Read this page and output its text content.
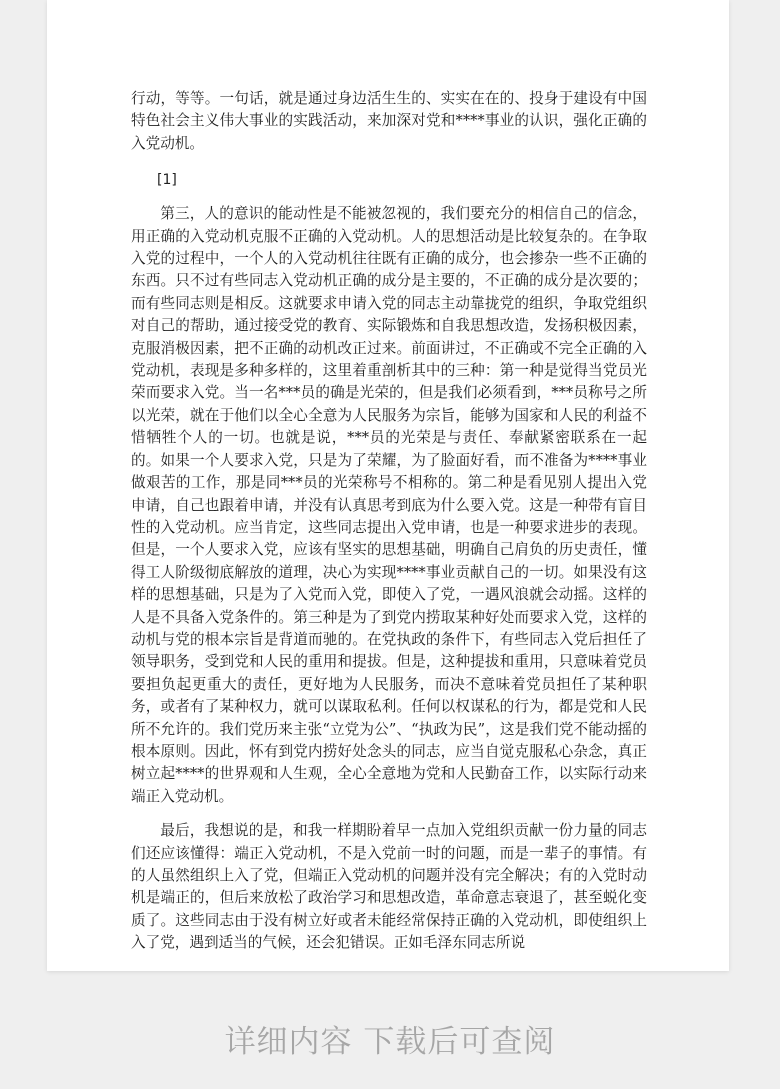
行动，等等。一句话，就是通过身边活生生的、实实在在的、投身于建设有中国特色社会主义伟大事业的实践活动，来加深对党和****事业的认识，强化正确的入党动机。

[1]

第三，人的意识的能动性是不能被忽视的，我们要充分的相信自己的信念，用正确的入党动机克服不正确的入党动机。人的思想活动是比较复杂的。在争取入党的过程中，一个人的入党动机往往既有正确的成分，也会掺杂一些不正确的东西。只不过有些同志入党动机正确的成分是主要的，不正确的成分是次要的；而有些同志则是相反。这就要求申请入党的同志主动靠拢党的组织，争取党组织对自己的帮助，通过接受党的教育、实际锻炼和自我思想改造，发扬积极因素，克服消极因素，把不正确的动机改正过来。前面讲过，不正确或不完全正确的入党动机，表现是多种多样的，这里着重剖析其中的三种：第一种是觉得当党员光荣而要求入党。当一名***员的确是光荣的，但是我们必须看到，***员称号之所以光荣，就在于他们以全心全意为人民服务为宗旨，能够为国家和人民的利益不惜牺牲个人的一切。也就是说，***员的光荣是与责任、奉献紧密联系在一起的。如果一个人要求入党，只是为了荣耀，为了脸面好看，而不准备为****事业做艰苦的工作，那是同***员的光荣称号不相称的。第二种是看见别人提出入党申请，自己也跟着申请，并没有认真思考到底为什么要入党。这是一种带有盲目性的入党动机。应当肯定，这些同志提出入党申请，也是一种要求进步的表现。但是，一个人要求入党，应该有坚实的思想基础，明确自己肩负的历史责任，懂得工人阶级彻底解放的道理，决心为实现****事业贡献自己的一切。如果没有这样的思想基础，只是为了入党而入党，即使入了党，一遇风浪就会动摇。这样的人是不具备入党条件的。第三种是为了到党内捞取某种好处而要求入党，这样的动机与党的根本宗旨是背道而驰的。在党执政的条件下，有些同志入党后担任了领导职务，受到党和人民的重用和提拔。但是，这种提拔和重用，只意味着党员要担负起更重大的责任，更好地为人民服务，而决不意味着党员担任了某种职务，或者有了某种权力，就可以谋取私利。任何以权谋私的行为，都是党和人民所不允许的。我们党历来主张“立党为公”、“执政为民”，这是我们党不能动摇的根本原则。因此，怀有到党内捞好处念头的同志，应当自觉克服私心杂念，真正树立起****的世界观和人生观，全心全意地为党和人民勤奋工作，以实际行动来端正入党动机。

最后，我想说的是，和我一样期盼着早一点加入党组织贡献一份力量的同志们还应该懂得：端正入党动机，不是入党前一时的问题，而是一辈子的事情。有的人虽然组织上入了党，但端正入党动机的问题并没有完全解决；有的入党时动机是端正的，但后来放松了政治学习和思想改造，革命意志衰退了，甚至蜕化变质了。这些同志由于没有树立好或者未能经常保持正确的入党动机，即使组织上入了党，遇到适当的气候，还会犯错误。正如毛泽东同志所说

详细内容 下载后可查阅
